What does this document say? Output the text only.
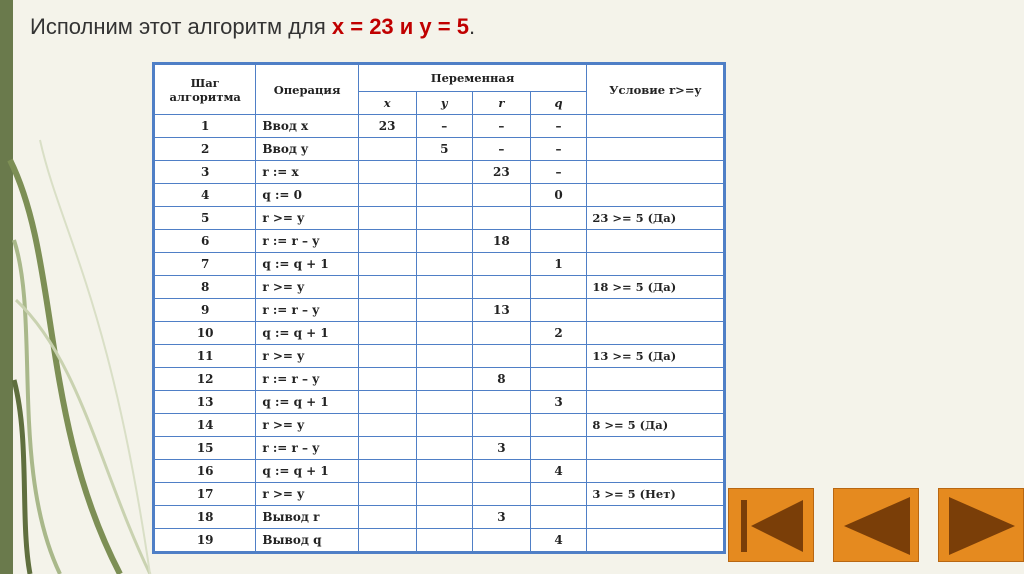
Исполним этот алгоритм для x = 23 и y = 5.
Шаг алгоритма	Операция	Переменная				Условие r>=y
		x	y	r	q	
1	Ввод x	23	–	–	–	
2	Ввод y		5	–	–	
3	r := x			23	–	
4	q := 0				0	
5	r >= y					23 >= 5 (Да)
6	r := r – y			18		
7	q := q + 1				1	
8	r >= y					18 >= 5 (Да)
9	r := r – y			13		
10	q := q + 1				2	
11	r >= y					13 >= 5 (Да)
12	r := r – y			8		
13	q := q + 1				3	
14	r >= y					8 >= 5 (Да)
15	r := r – y			3		
16	q := q + 1				4	
17	r >= y					3 >= 5 (Нет)
18	Вывод r			3		
19	Вывод q				4	
